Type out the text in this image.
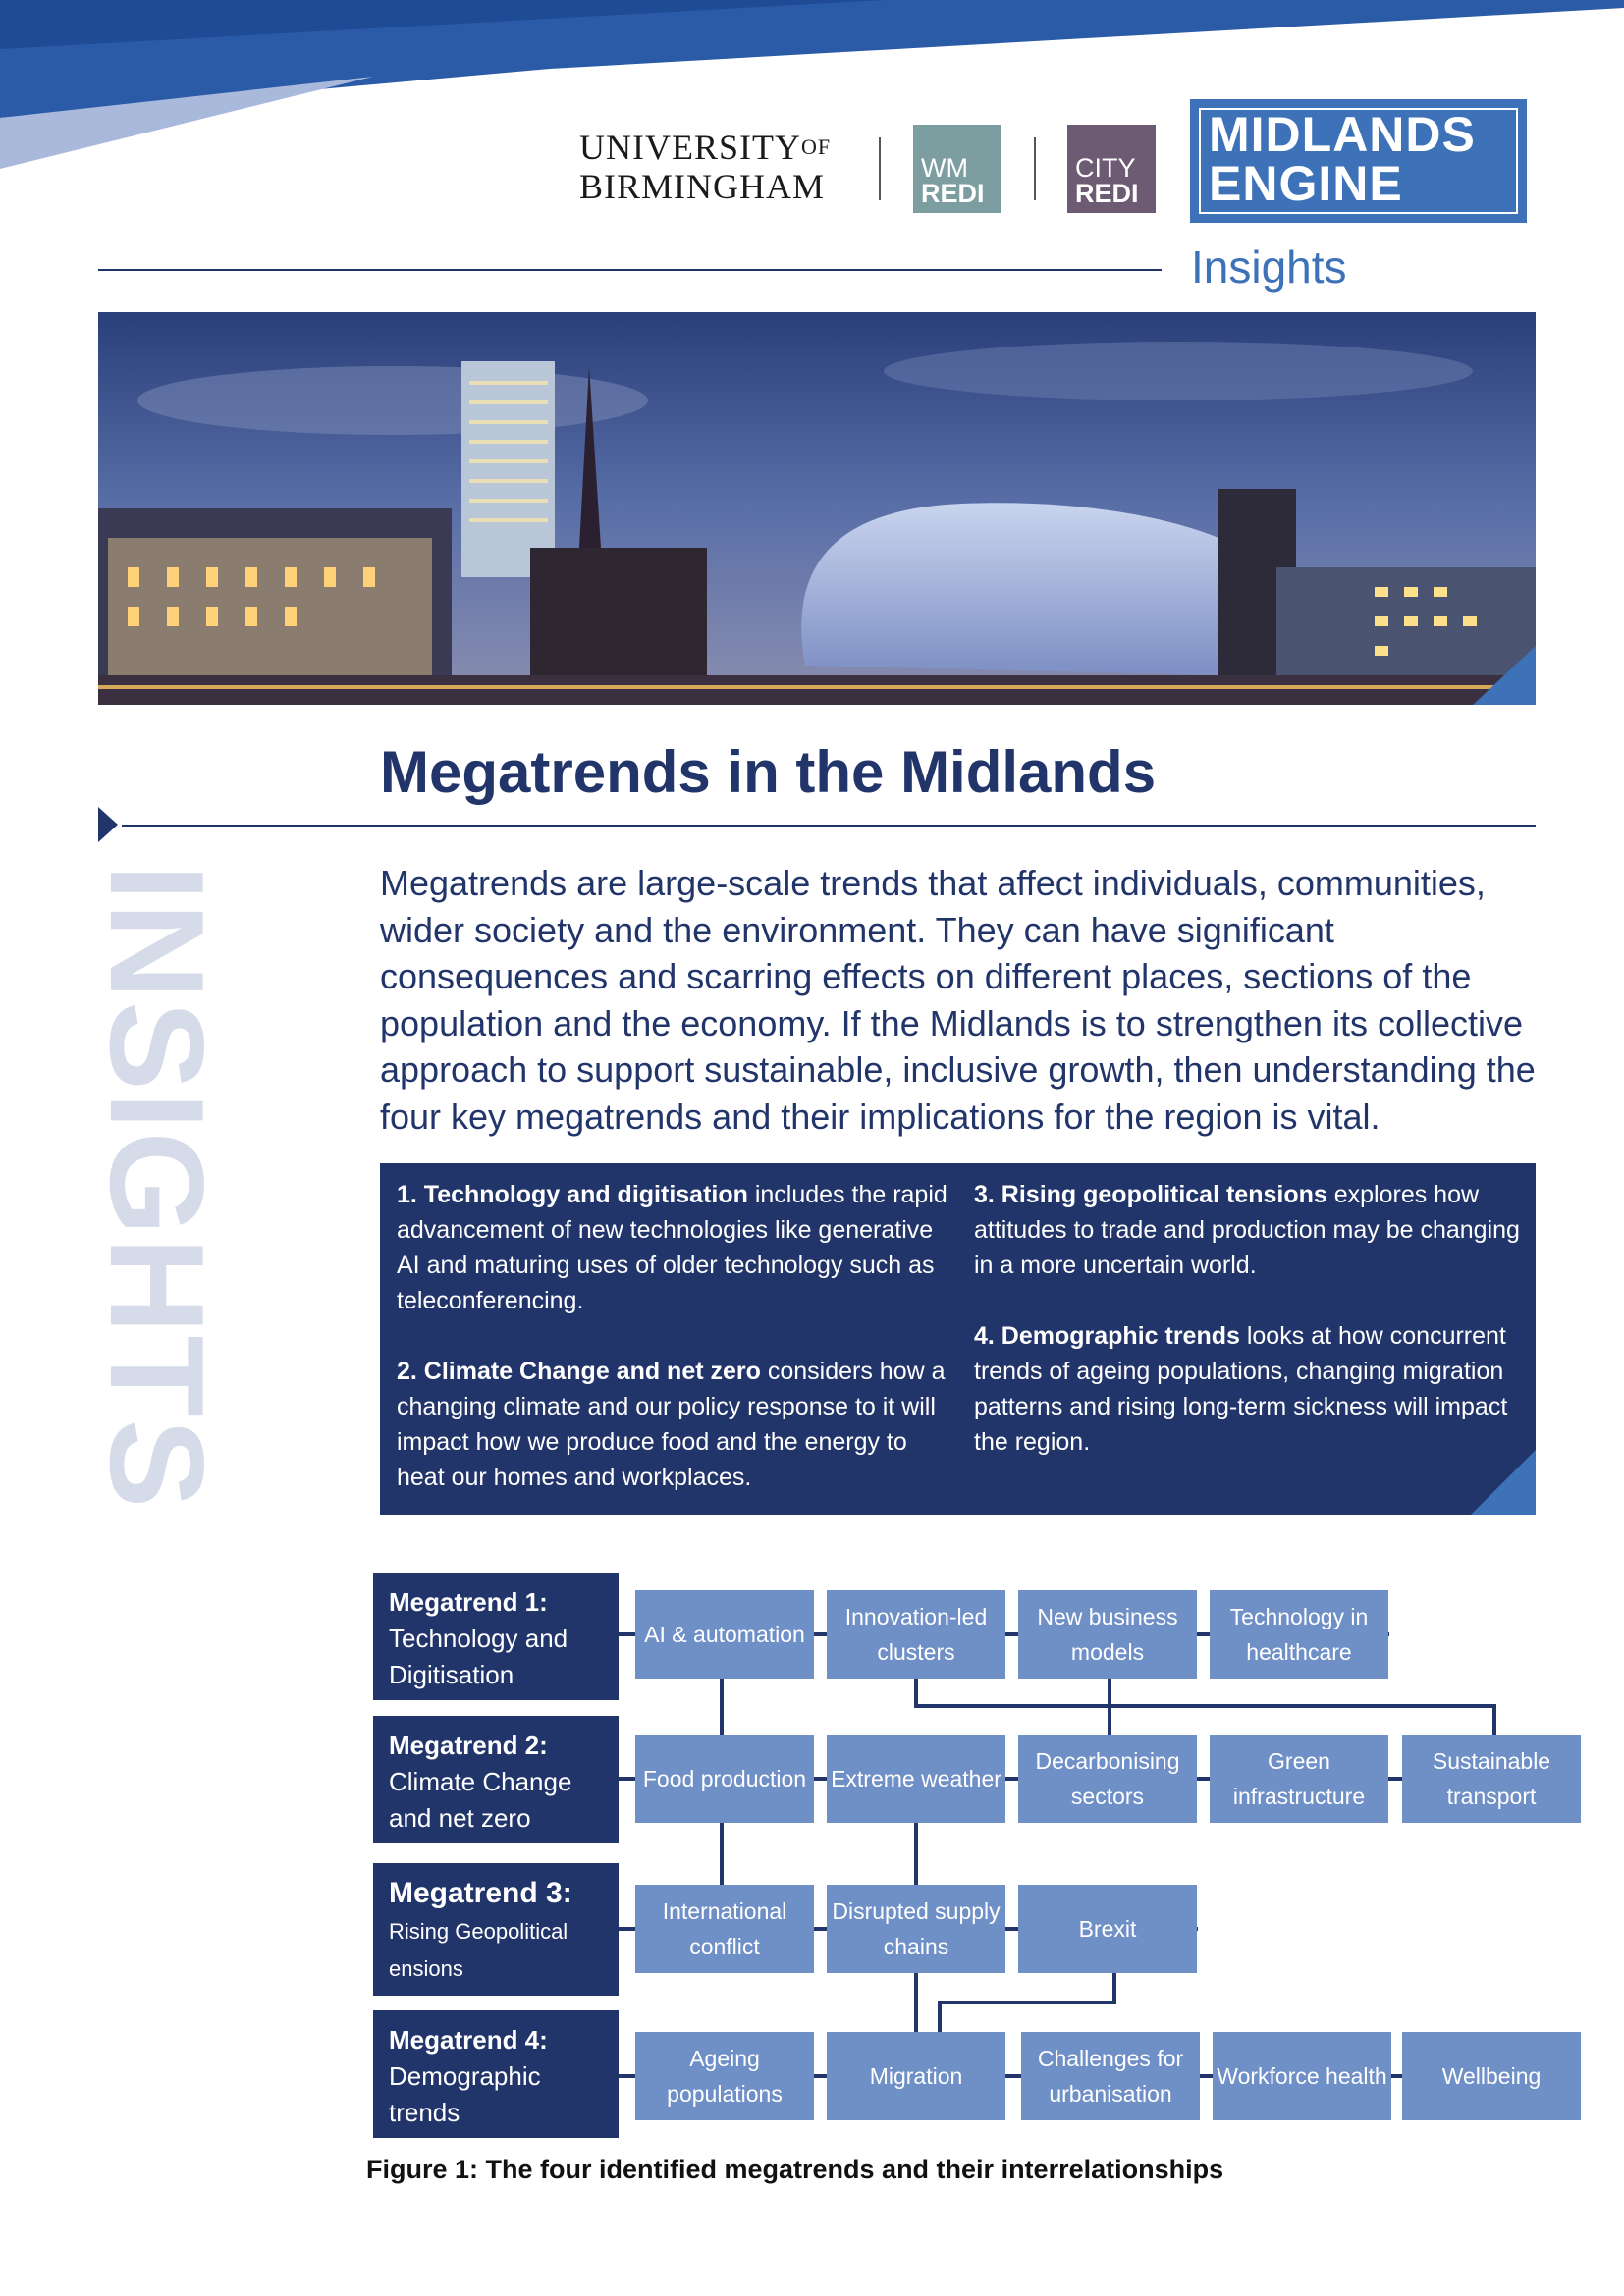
$UNIVERSITY^{OF}$
BIRMINGHAM	WM
REDI
CITY
REDI
MIDLANDS
ENGINE
Insights
INSIGHTS
Megatrends in the Midlands
Megatrends are large-scale trends that affect individuals, communities, wider society and the environment. They can have significant consequences and scarring effects on different places, sections of the population and the economy. If the Midlands is to strengthen its collective approach to support sustainable, inclusive growth, then understanding the four key megatrends and their implications for the region is vital.

1. Technology and digitisation includes the rapid advancement of new technologies like generative AI and maturing uses of older technology such as teleconferencing.

2. Climate Change and net zero considers how a changing climate and our policy response to it will impact how we produce food and the energy to heat our homes and workplaces.

3. Rising geopolitical tensions explores how attitudes to trade and production may be changing in a more uncertain world.

4. Demographic trends looks at how concurrent trends of ageing populations, changing migration patterns and rising long-term sickness will impact the region.

Megatrend 1:
Technology and Digitisation
Megatrend 2:
Climate Change and net zero
Megatrend 3:
Rising Geopolitical ensions
Megatrend 4:
Demographic trends
AI & automation
Innovation-led clusters
New business models
Technology in healthcare
Food production	Extreme weather
Decarbonising sectors
Green infrastructure
Sustainable transport
International conflict
Disrupted supply chains
Brexit
Ageing populations
Migration
Challenges for urbanisation
Workforce health	Wellbeing
Figure 1: The four identified megatrends and their interrelationships
